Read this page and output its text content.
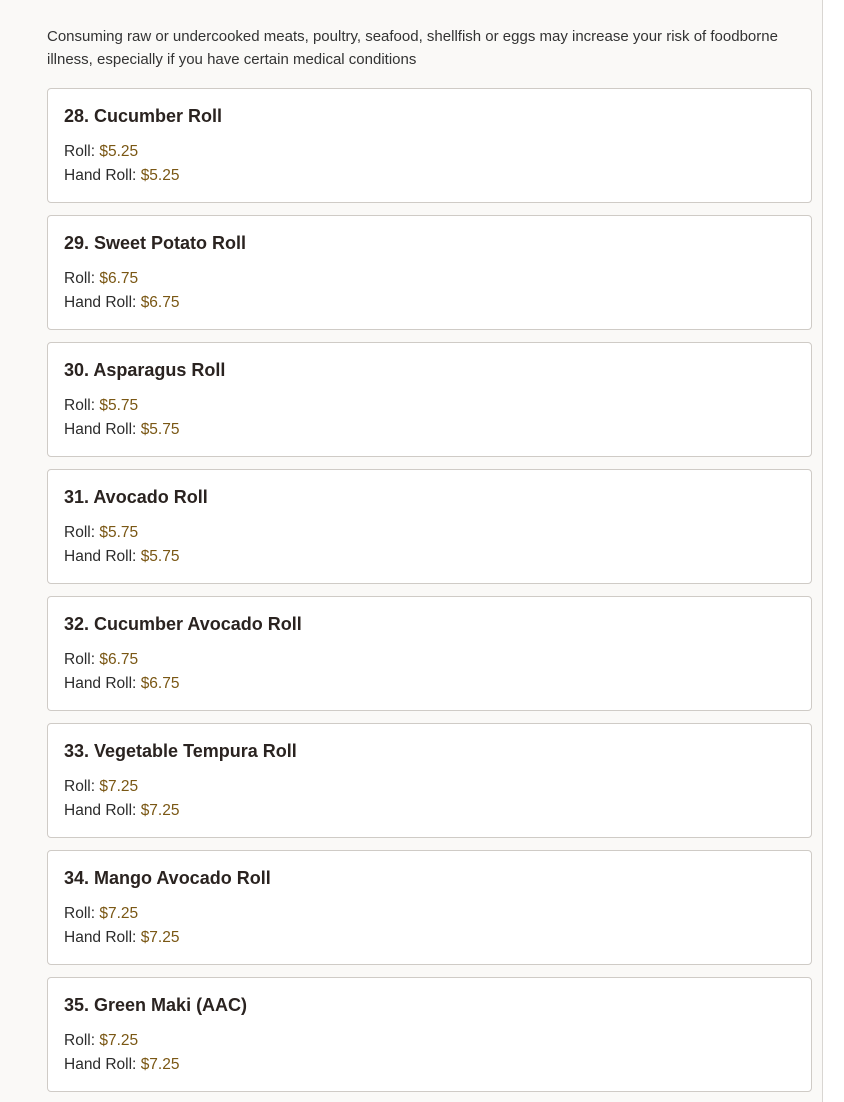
Consuming raw or undercooked meats, poultry, seafood, shellfish or eggs may increase your risk of foodborne illness, especially if you have certain medical conditions

28. Cucumber Roll
Roll: $5.25
Hand Roll: $5.25
29. Sweet Potato Roll
Roll: $6.75
Hand Roll: $6.75
30. Asparagus Roll
Roll: $5.75
Hand Roll: $5.75
31. Avocado Roll
Roll: $5.75
Hand Roll: $5.75
32. Cucumber Avocado Roll
Roll: $6.75
Hand Roll: $6.75
33. Vegetable Tempura Roll
Roll: $7.25
Hand Roll: $7.25
34. Mango Avocado Roll
Roll: $7.25
Hand Roll: $7.25
35. Green Maki (AAC)
Roll: $7.25
Hand Roll: $7.25
